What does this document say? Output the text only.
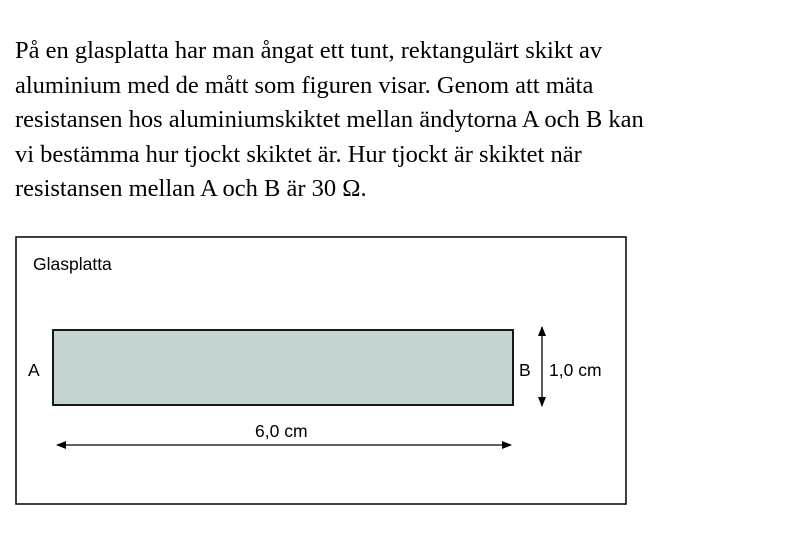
På en glasplatta har man ångat ett tunt, rektangulärt skikt av
aluminium med de mått som figuren visar. Genom att mäta
resistansen hos aluminiumskiktet mellan ändytorna A och B kan
vi bestämma hur tjockt skiktet är. Hur tjockt är skiktet när
resistansen mellan A och B är 30 Ω.
Glasplatta
A	B 1,0 cm
6,0 cm
